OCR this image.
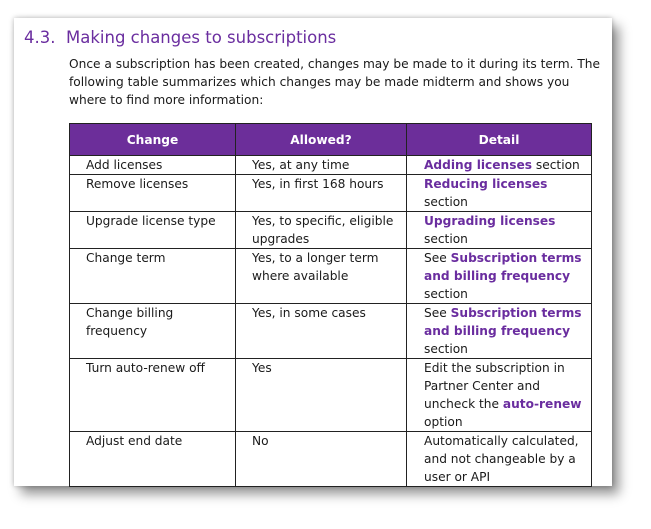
4.3. Making changes to subscriptions

Once a subscription has been created, changes may be made to it during its term. The following table summarizes which changes may be made midterm and shows you where to find more information:

Change	Allowed?	Detail
Add licenses	Yes, at any time	Adding licenses section
Remove licenses	Yes, in first 168 hours	Reducing licenses section
Upgrade license type	Yes, to specific, eligible upgrades	Upgrading licenses section
Change term	Yes, to a longer term where available	See Subscription terms and billing frequency section
Change billing frequency	Yes, in some cases	See Subscription terms and billing frequency section
Turn auto-renew off	Yes	Edit the subscription in Partner Center and uncheck the auto-renew option
Adjust end date	No	Automatically calculated, and not changeable by a user or API
